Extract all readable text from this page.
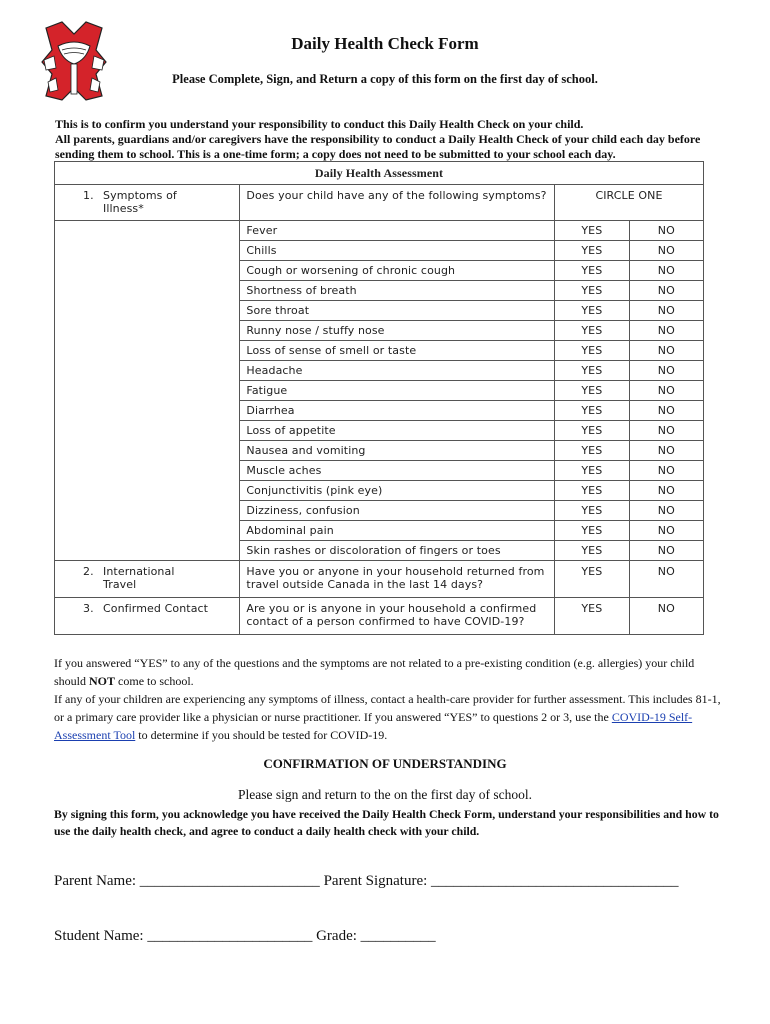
Daily Health Check Form
Please Complete, Sign, and Return a copy of this form on the first day of school.
This is to confirm you understand your responsibility to conduct this Daily Health Check on your child.
All parents, guardians and/or caregivers have the responsibility to conduct a Daily Health Check of your child each day before sending them to school. This is a one-time form; a copy does not need to be submitted to your school each day.
Daily Health Assessment			
1. Symptoms of Illness*	Does your child have any of the following symptoms?	CIRCLE ONE	
	Fever	YES	NO
	Chills	YES	NO
	Cough or worsening of chronic cough	YES	NO
	Shortness of breath	YES	NO
	Sore throat	YES	NO
	Runny nose / stuffy nose	YES	NO
	Loss of sense of smell or taste	YES	NO
	Headache	YES	NO
	Fatigue	YES	NO
	Diarrhea	YES	NO
	Loss of appetite	YES	NO
	Nausea and vomiting	YES	NO
	Muscle aches	YES	NO
	Conjunctivitis (pink eye)	YES	NO
	Dizziness, confusion	YES	NO
	Abdominal pain	YES	NO
	Skin rashes or discoloration of fingers or toes	YES	NO
2. International Travel	Have you or anyone in your household returned from travel outside Canada in the last 14 days?	YES	NO
3. Confirmed Contact	Are you or is anyone in your household a confirmed contact of a person confirmed to have COVID-19?	YES	NO
If you answered “YES” to any of the questions and the symptoms are not related to a pre-existing condition (e.g. allergies) your child should NOT come to school.
If any of your children are experiencing any symptoms of illness, contact a health-care provider for further assessment. This includes 81-1, or a primary care provider like a physician or nurse practitioner. If you answered “YES” to questions 2 or 3, use the COVID-19 Self-Assessment Tool to determine if you should be tested for COVID-19.
CONFIRMATION OF UNDERSTANDING
Please sign and return to the on the first day of school.
By signing this form, you acknowledge you have received the Daily Health Check Form, understand your responsibilities and how to use the daily health check, and agree to conduct a daily health check with your child.
Parent Name: ________________________ Parent Signature: _________________________________
Student Name: ______________________ Grade: __________
